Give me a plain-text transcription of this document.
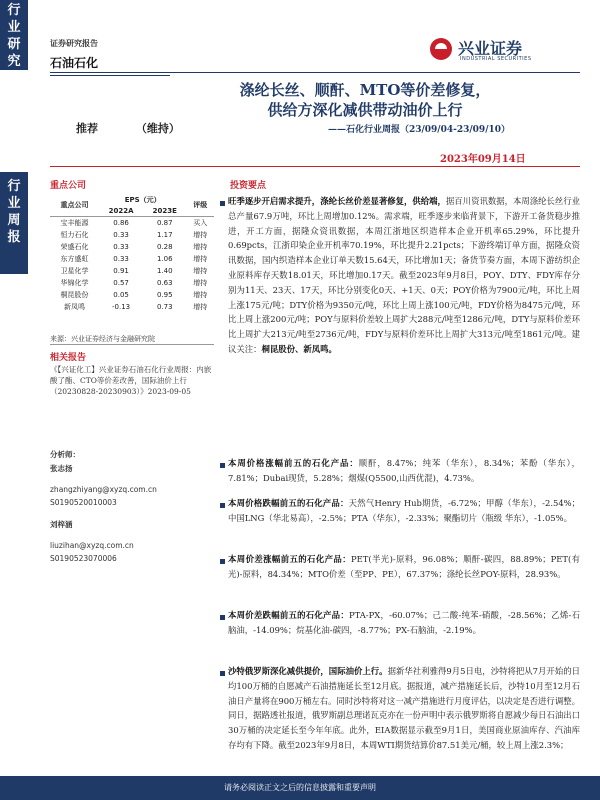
行
业
研
究
行
业
周
报
证券研究报告
石油石化
兴业证券
INDUSTRIAL SECURITIES
涤纶长丝、顺酐、MTO等价差修复，
供给方深化减供带动油价上行
——石化行业周报（23/09/04-23/09/10）
推荐	（维持）
2023年09月14日
重点公司
重点公司	EPS（元）		评级
	2022A	2023E	
宝丰能源	0.86	0.87	买入
恒力石化	0.33	1.17	增持
荣盛石化	0.33	0.28	增持
东方盛虹	0.33	1.06	增持
卫星化学	0.91	1.40	增持
华锦化学	0.57	0.63	增持
桐昆股份	0.05	0.95	增持
新凤鸣	-0.13	0.73	增持
来源：兴业证券经济与金融研究院
相关报告
《【兴证化工】兴业证券石油石化行业周报：内嵌酸了酯、CTO等价差改善，国际油价上行（20230828-20230903）》2023-09-05
分析师：
张志扬
zhangzhiyang@xyzq.com.cn
S0190520010003
刘梓涵
liuzihan@xyzq.com.cn
S0190523070006
投资要点
旺季逐步开启需求提升，涤纶长丝价差显著修复，供给端，据百川资讯数据，本周涤纶长丝行业总产量67.9万吨，环比上周增加0.12%。需求端，旺季逐步来临背景下，下游开工备货稳步推进，开工方面，据隆众资讯数据，本周江浙地区织造样本企业开机率65.29%，环比提升0.69pcts，江浙印染企业开机率70.19%，环比提升2.21pcts；下游终端订单方面，据隆众资讯数据，国内织造样本企业订单天数15.64天，环比增加1天；备货节奏方面，本周下游纺织企业原料库存天数18.01天，环比增加0.17天。截至2023年9月8日，POY、DTY、FDY库存分别为11天、23天、17天，环比分别变化0天、+1天、0天；POY价格为7900元/吨，环比上周上涨175元/吨；DTY价格为9350元/吨，环比上周上涨100元/吨，FDY价格为8475元/吨，环比上周上涨200元/吨；POY与原料价差较上周扩大288元/吨至1286元/吨，DTY与原料价差环比上周扩大213元/吨至2736元/吨，FDY与原料价差环比上周扩大313元/吨至1861元/吨。建议关注：桐昆股份、新凤鸣。
本周价格涨幅前五的石化产品：顺酐，8.47%；纯苯（华东），8.34%；苯酚（华东），7.81%；Dubai现货，5.28%；烟煤(Q5500,山西优混)，4.73%。
本周价格跌幅前五的石化产品：天然气Henry Hub期货，-6.72%；甲醇（华东），-2.54%；中国LNG（华北易高），-2.5%；PTA（华东），-2.33%；聚酯切片（瓶级 华东），-1.05%。
本周价差涨幅前五的石化产品：PET(半光)-原料，96.08%；顺酐-碳四，88.89%；PET(有光)-原料，84.34%；MTO价差（至PP、PE），67.37%；涤纶长丝POY-原料，28.93%。
本周价差跌幅前五的石化产品：PTA-PX，-60.07%；己二酸-纯苯-硝酸，-28.56%；乙烯-石脑油，-14.09%；烷基化油-碳四，-8.77%；PX-石脑油，-2.19%。
沙特俄罗斯深化减供提价，国际油价上行。据新华社利雅得9月5日电，沙特将把从7月开始的日均100万桶的自愿减产石油措施延长至12月底。据报道，减产措施延长后，沙特10月至12月石油日产量将在900万桶左右。同时沙特将对这一减产措施进行月度评估，以决定是否进行调整。同日，据路透社报道，俄罗斯副总理诺瓦克亦在一份声明中表示俄罗斯将自愿减少每日石油出口30万桶的决定延长至今年年底。此外，EIA数据显示截至9月1日，美国商业原油库存、汽油库存均有下降。截至2023年9月8日，本周WTI期货结算价87.51美元/桶，较上周上涨2.3%；
请务必阅读正文之后的信息披露和重要声明
